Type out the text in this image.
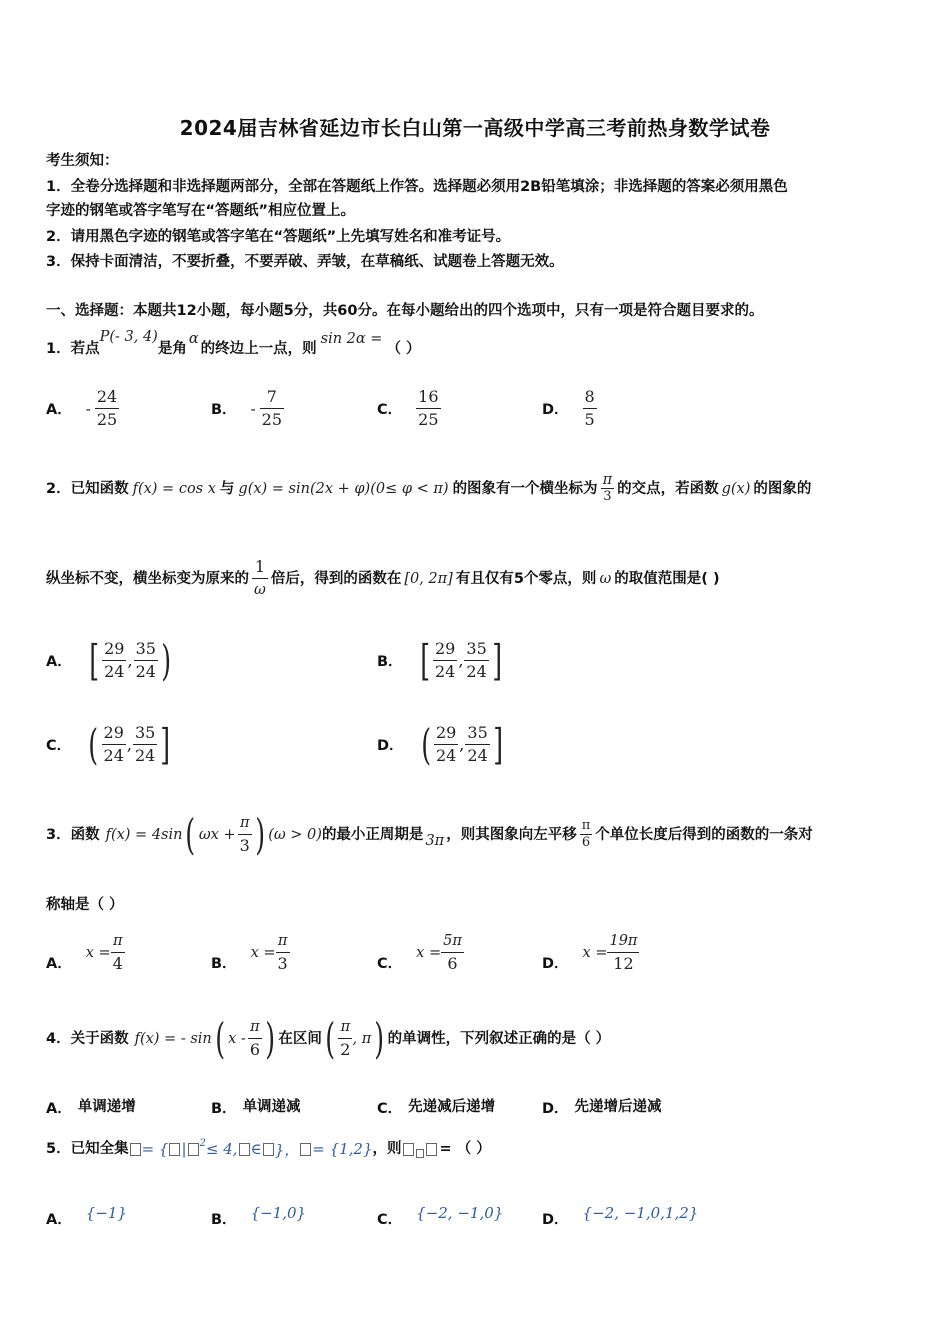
2024届吉林省延边市长白山第一高级中学高三考前热身数学试卷
考生须知：
1．全卷分选择题和非选择题两部分，全部在答题纸上作答。选择题必须用2B铅笔填涂；非选择题的答案必须用黑色
字迹的钢笔或答字笔写在“答题纸”相应位置上。
2．请用黑色字迹的钢笔或答字笔在“答题纸”上先填写姓名和准考证号。
3．保持卡面清洁，不要折叠，不要弄破、弄皱，在草稿纸、试题卷上答题无效。
一、选择题：本题共12小题，每小题5分，共60分。在每小题给出的四个选项中，只有一项是符合题目要求的。
1．若点P(- 3, 4)是角α的终边上一点，则sin 2α =（ ）
A． - $\frac{24}{25}$	B． - $\frac{7}{25}$	C． $\frac{16}{25}$	D． $\frac{8}{5}$
2．已知函数 f(x) = cos x 与 g(x) = sin(2x + φ)(0≤ φ < π) 的图象有一个横坐标为 $\frac{\pi}{3}$ 的交点，若函数 g(x) 的图象的
纵坐标不变，横坐标变为原来的 $\frac{1}{\omega}$ 倍后，得到的函数在 [0, 2π] 有且仅有5个零点，则 ω 的取值范围是( )
A． [ $\frac{29}{24}$ , $\frac{35}{24}$ )	B． [ $\frac{29}{24}$ , $\frac{35}{24}$ ]
C． ( $\frac{29}{24}$ , $\frac{35}{24}$ ]	D． ( $\frac{29}{24}$ , $\frac{35}{24}$ ]
3．函数 f(x) = 4sin ( $\omega x + \frac{\pi}{3}$ ) (ω > 0) 的最小正周期是 3π ，则其图象向左平移 $\frac{\pi}{6}$ 个单位长度后得到的函数的一条对
称轴是（ ）
A．
$x = \frac{\pi}{4}$	B．
$x = \frac{\pi}{3}$	C．
$x = \frac{5\pi}{6}$	D．
$x = \frac{19\pi}{12}$
4．关于函数 f(x) = - sin ( x - $\frac{\pi}{6}$ ) 在区间 ( $\frac{\pi}{2}$ , π ) 的单调性，下列叙述正确的是（ ）
A． 单调递增	B． 单调递减	C． 先递减后递增	D． 先递增后递减
5．已知全集 = { | 2 ≤ 4, ∈ }， = {1,2} ，则	= （ ）
A． {−1}	B． {−1,0}	C． {−2, −1,0}	D． {−2, −1,0,1,2}
